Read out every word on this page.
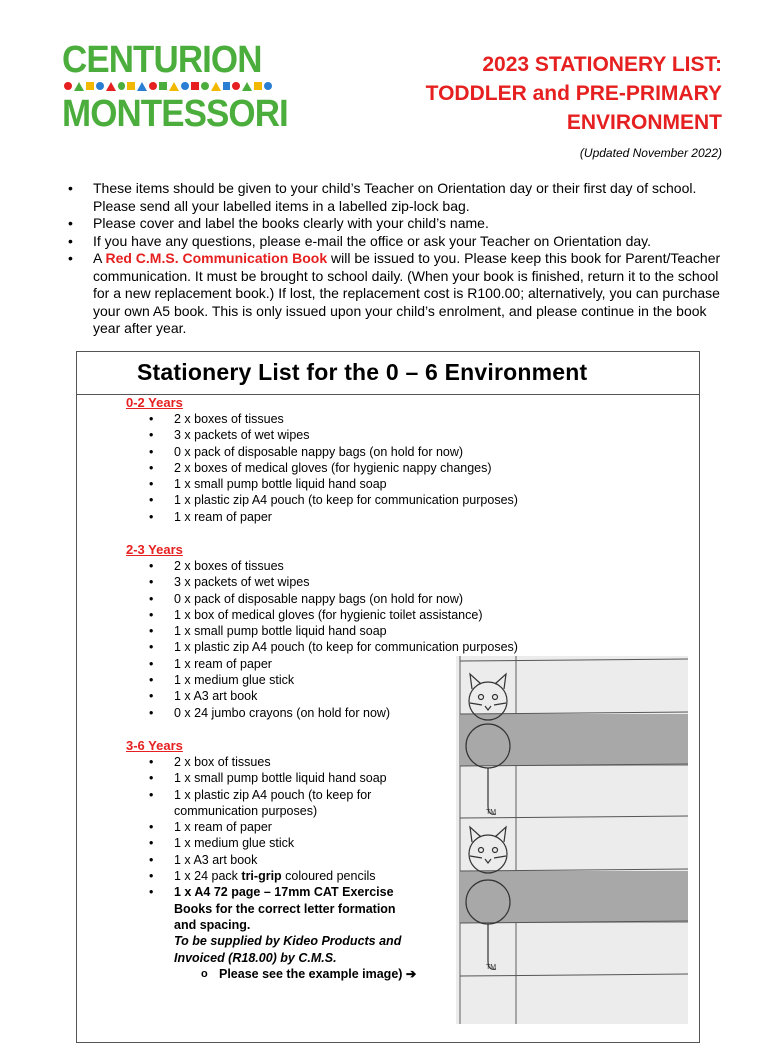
CENTURION
MONTESSORI
2023 STATIONERY LIST:
TODDLER and PRE-PRIMARY
ENVIRONMENT
(Updated November 2022)
• These items should be given to your child’s Teacher on Orientation day or their first day of school. Please send all your labelled items in a labelled zip-lock bag.
• Please cover and label the books clearly with your child’s name.
• If you have any questions, please e-mail the office or ask your Teacher on Orientation day.
• A Red C.M.S. Communication Book will be issued to you. Please keep this book for Parent/Teacher communication. It must be brought to school daily. (When your book is finished, return it to the school for a new replacement book.) If lost, the replacement cost is R100.00; alternatively, you can purchase your own A5 book. This is only issued upon your child’s enrolment, and please continue in the book year after year.
Stationery List for the 0 – 6 Environment
0-2 Years
• 2 x boxes of tissues
• 3 x packets of wet wipes
• 0 x pack of disposable nappy bags (on hold for now)
• 2 x boxes of medical gloves (for hygienic nappy changes)
• 1 x small pump bottle liquid hand soap
• 1 x plastic zip A4 pouch (to keep for communication purposes)
• 1 x ream of paper
2-3 Years
• 2 x boxes of tissues
• 3 x packets of wet wipes
• 0 x pack of disposable nappy bags (on hold for now)
• 1 x box of medical gloves (for hygienic toilet assistance)
• 1 x small pump bottle liquid hand soap
• 1 x plastic zip A4 pouch (to keep for communication purposes)
• 1 x ream of paper
• 1 x medium glue stick
• 1 x A3 art book
• 0 x 24 jumbo crayons (on hold for now)
3-6 Years
• 2 x box of tissues
• 1 x small pump bottle liquid hand soap
• 1 x plastic zip A4 pouch (to keep for
communication purposes)
• 1 x ream of paper
• 1 x medium glue stick
• 1 x A3 art book
• 1 x 24 pack tri-grip coloured pencils
• 1 x A4 72 page – 17mm CAT Exercise Books for the correct letter formation and spacing.
To be supplied by Kideo Products and Invoiced (R18.00) by C.M.S.
o Please see the example image) ➔
TM
TM
